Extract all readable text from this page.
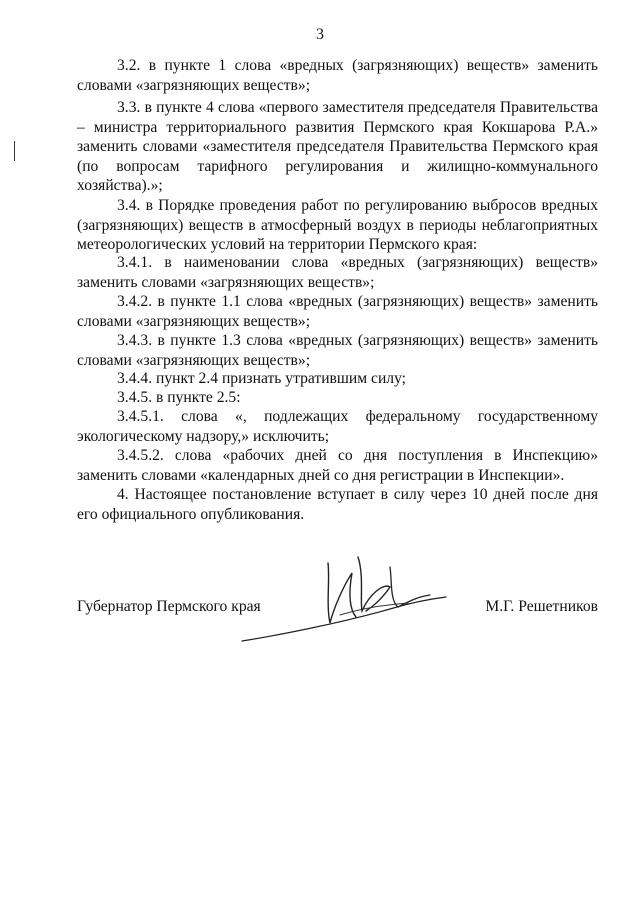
3
3.2. в пункте 1 слова «вредных (загрязняющих) веществ» заменить словами «загрязняющих веществ»;
3.3. в пункте 4 слова «первого заместителя председателя Правительства – министра территориального развития Пермского края Кокшарова Р.А.» заменить словами «заместителя председателя Правительства Пермского края (по вопросам тарифного регулирования и жилищно-коммунального хозяйства).»;
3.4. в Порядке проведения работ по регулированию выбросов вредных (загрязняющих) веществ в атмосферный воздух в периоды неблагоприятных метеорологических условий на территории Пермского края:
3.4.1. в наименовании слова «вредных (загрязняющих) веществ» заменить словами «загрязняющих веществ»;
3.4.2. в пункте 1.1 слова «вредных (загрязняющих) веществ» заменить словами «загрязняющих веществ»;
3.4.3. в пункте 1.3 слова «вредных (загрязняющих) веществ» заменить словами «загрязняющих веществ»;
3.4.4. пункт 2.4 признать утратившим силу;
3.4.5. в пункте 2.5:
3.4.5.1. слова «, подлежащих федеральному государственному экологическому надзору,» исключить;
3.4.5.2. слова «рабочих дней со дня поступления в Инспекцию» заменить словами «календарных дней со дня регистрации в Инспекции».
4. Настоящее постановление вступает в силу через 10 дней после дня его официального опубликования.
Губернатор Пермского края	М.Г. Решетников
